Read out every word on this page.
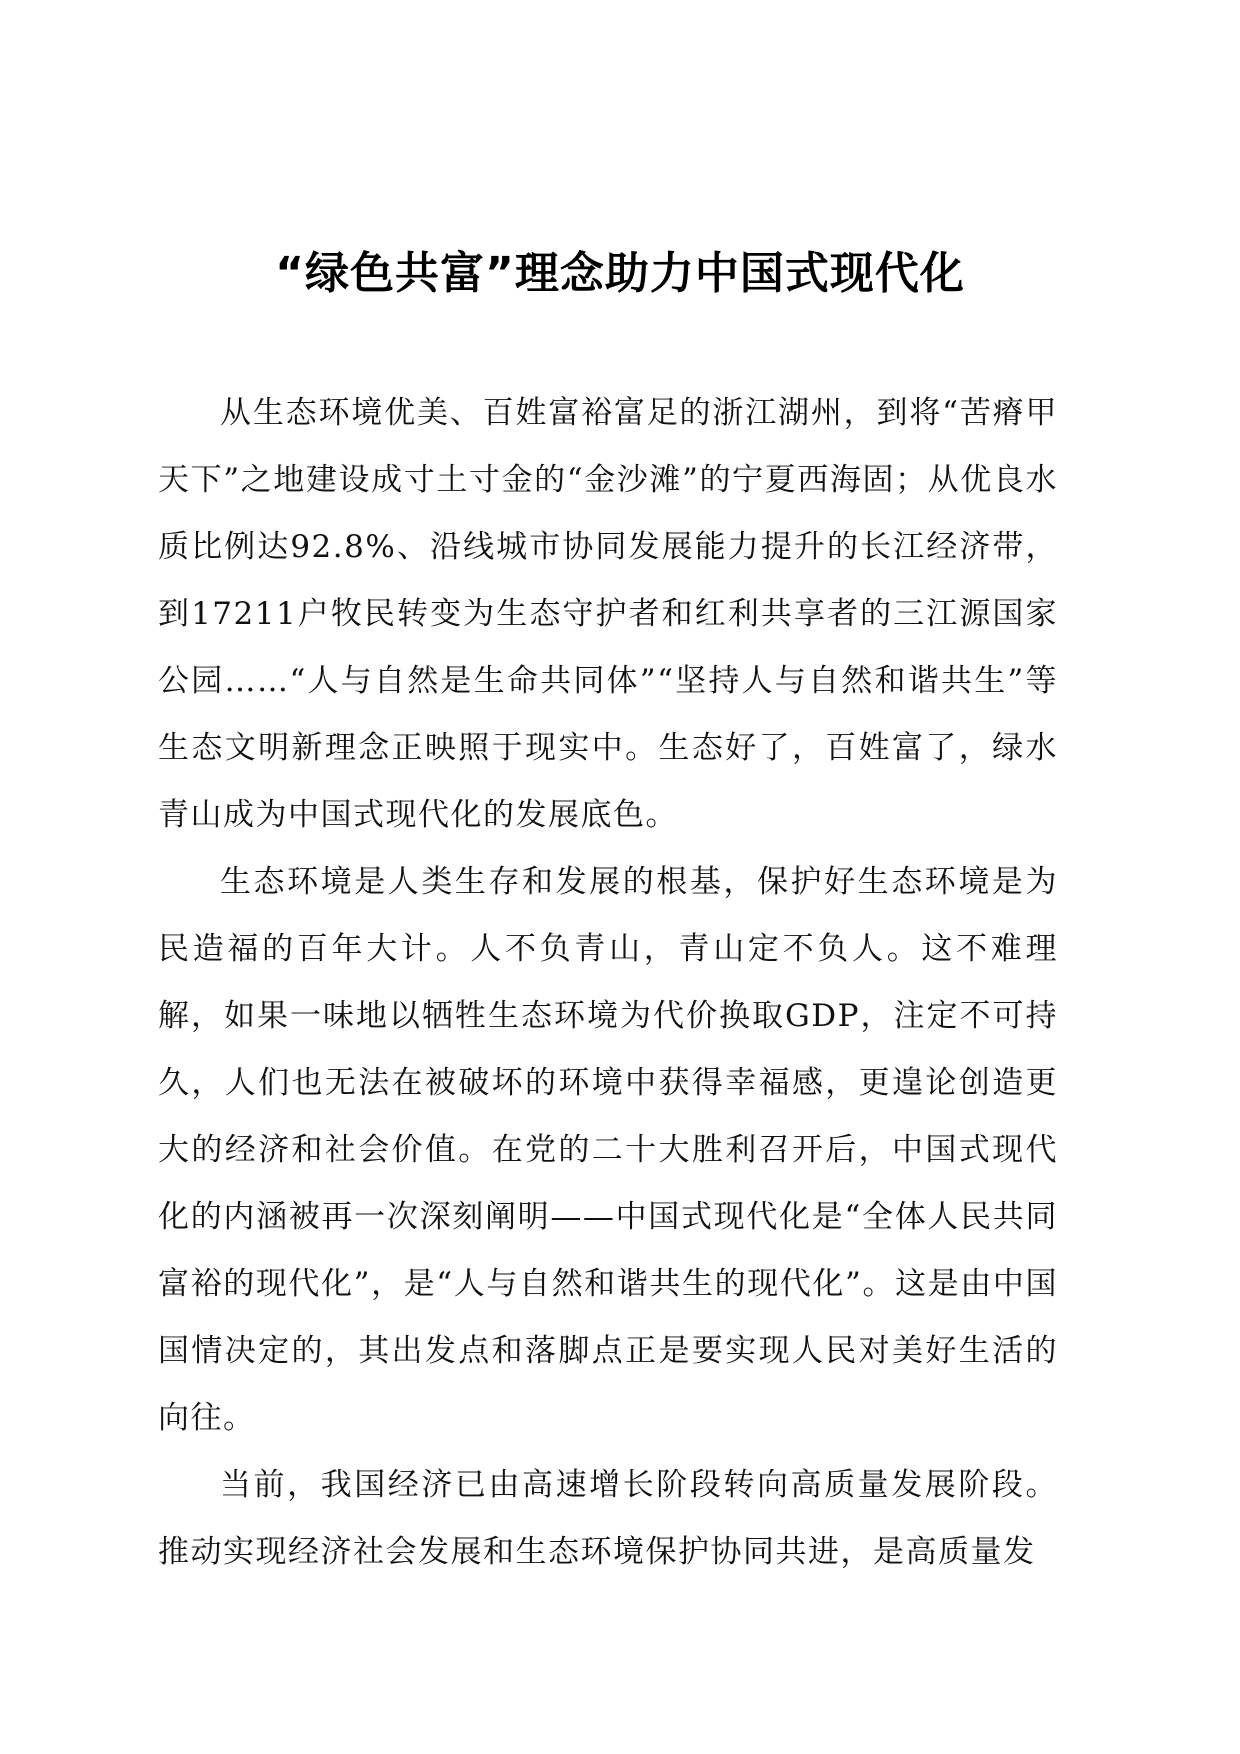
“绿色共富”理念助力中国式现代化

从生态环境优美、百姓富裕富足的浙江湖州，到将“苦瘠甲天下”之地建设成寸土寸金的“金沙滩”的宁夏西海固；从优良水质比例达92.8%、沿线城市协同发展能力提升的长江经济带，到17211户牧民转变为生态守护者和红利共享者的三江源国家公园……“人与自然是生命共同体”“坚持人与自然和谐共生”等生态文明新理念正映照于现实中。生态好了，百姓富了，绿水青山成为中国式现代化的发展底色。

生态环境是人类生存和发展的根基，保护好生态环境是为民造福的百年大计。人不负青山，青山定不负人。这不难理解，如果一味地以牺牲生态环境为代价换取GDP，注定不可持久，人们也无法在被破坏的环境中获得幸福感，更遑论创造更大的经济和社会价值。在党的二十大胜利召开后，中国式现代化的内涵被再一次深刻阐明——中国式现代化是“全体人民共同富裕的现代化”，是“人与自然和谐共生的现代化”。这是由中国国情决定的，其出发点和落脚点正是要实现人民对美好生活的向往。

当前，我国经济已由高速增长阶段转向高质量发展阶段。推动实现经济社会发展和生态环境保护协同共进，是高质量发
